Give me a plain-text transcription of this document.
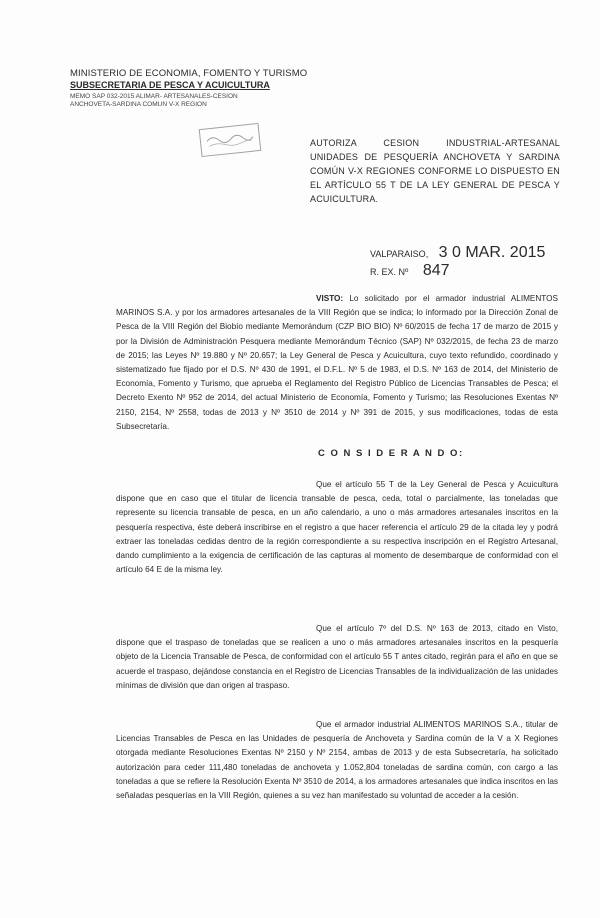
MINISTERIO DE ECONOMIA, FOMENTO Y TURISMO
SUBSECRETARIA DE PESCA Y ACUICULTURA
MEMO SAP 032-2015 ALIMAR- ARTESANALES-CESION
ANCHOVETA-SARDINA COMUN V-X REGION
AUTORIZA CESION INDUSTRIAL-ARTESANAL UNIDADES DE PESQUERÍA ANCHOVETA Y SARDINA COMÚN V-X REGIONES CONFORME LO DISPUESTO EN EL ARTÍCULO 55 T DE LA LEY GENERAL DE PESCA Y ACUICULTURA.
VALPARAISO, 3 0 MAR. 2015
R. EX. Nº 847
VISTO: Lo solicitado por el armador industrial ALIMENTOS MARINOS S.A. y por los armadores artesanales de la VIII Región que se indica; lo informado por la Dirección Zonal de Pesca de la VIII Región del Biobío mediante Memorándum (CZP BIO BIO) Nº 60/2015 de fecha 17 de marzo de 2015 y por la División de Administración Pesquera mediante Memorándum Técnico (SAP) Nº 032/2015, de fecha 23 de marzo de 2015; las Leyes Nº 19.880 y Nº 20.657; la Ley General de Pesca y Acuicultura, cuyo texto refundido, coordinado y sistematizado fue fijado por el D.S. Nº 430 de 1991, el D.F.L. Nº 5 de 1983, el D.S. Nº 163 de 2014, del Ministerio de Economía, Fomento y Turismo, que aprueba el Reglamento del Registro Público de Licencias Transables de Pesca; el Decreto Exento Nº 952 de 2014, del actual Ministerio de Economía, Fomento y Turismo; las Resoluciones Exentas Nº 2150, 2154, Nº 2558, todas de 2013 y Nº 3510 de 2014 y Nº 391 de 2015, y sus modificaciones, todas de esta Subsecretaría.
C O N S I D E R A N D O:
Que el artículo 55 T de la Ley General de Pesca y Acuicultura dispone que en caso que el titular de licencia transable de pesca, ceda, total o parcialmente, las toneladas que represente su licencia transable de pesca, en un año calendario, a uno o más armadores artesanales inscritos en la pesquería respectiva, éste deberá inscribirse en el registro a que hacer referencia el artículo 29 de la citada ley y podrá extraer las toneladas cedidas dentro de la región correspondiente a su respectiva inscripción en el Registro Artesanal, dando cumplimiento a la exigencia de certificación de las capturas al momento de desembarque de conformidad con el artículo 64 E de la misma ley.
Que el artículo 7º del D.S. Nº 163 de 2013, citado en Visto, dispone que el traspaso de toneladas que se realicen a uno o más armadores artesanales inscritos en la pesquería objeto de la Licencia Transable de Pesca, de conformidad con el artículo 55 T antes citado, regirán para el año en que se acuerde el traspaso, dejándose constancia en el Registro de Licencias Transables de la individualización de las unidades mínimas de división que dan origen al traspaso.
Que el armador industrial ALIMENTOS MARINOS S.A., titular de Licencias Transables de Pesca en las Unidades de pesquería de Anchoveta y Sardina común de la V a X Regiones otorgada mediante Resoluciones Exentas Nº 2150 y Nº 2154, ambas de 2013 y de esta Subsecretaría, ha solicitado autorización para ceder 111,480 toneladas de anchoveta y 1.052,804 toneladas de sardina común, con cargo a las toneladas a que se refiere la Resolución Exenta Nº 3510 de 2014, a los armadores artesanales que indica inscritos en las señaladas pesquerías en la VIII Región, quienes a su vez han manifestado su voluntad de acceder a la cesión.
